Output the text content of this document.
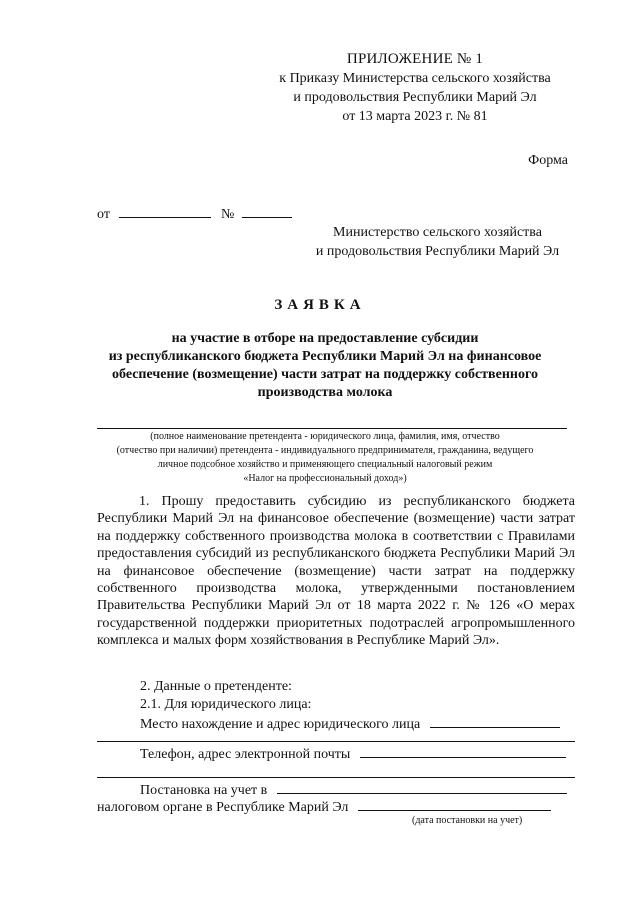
ПРИЛОЖЕНИЕ № 1
к Приказу Министерства сельского хозяйства
и продовольствия Республики Марий Эл
от 13 марта 2023 г. № 81
Форма
от	№
Министерство сельского хозяйства
и продовольствия Республики Марий Эл
ЗАЯВКА
на участие в отборе на предоставление субсидии
из республиканского бюджета Республики Марий Эл на финансовое
обеспечение (возмещение) части затрат на поддержку собственного
производства молока
(полное наименование претендента - юридического лица, фамилия, имя, отчество
(отчество при наличии) претендента - индивидуального предпринимателя, гражданина, ведущего
личное подсобное хозяйство и применяющего специальный налоговый режим
«Налог на профессиональный доход»)
1. Прошу предоставить субсидию из республиканского бюджета Республики Марий Эл на финансовое обеспечение (возмещение) части затрат на поддержку собственного производства молока в соответствии с Правилами предоставления субсидий из республиканского бюджета Республики Марий Эл на финансовое обеспечение (возмещение) части затрат на поддержку собственного производства молока, утвержденными постановлением Правительства Республики Марий Эл от 18 марта 2022 г. № 126 «О мерах государственной поддержки приоритетных подотраслей агропромышленного комплекса и малых форм хозяйствования в Республике Марий Эл».
2. Данные о претенденте:
2.1. Для юридического лица:
Место нахождение и адрес юридического лица
Телефон, адрес электронной почты
Постановка на учет в
налоговом органе в Республике Марий Эл
(дата постановки на учет)
